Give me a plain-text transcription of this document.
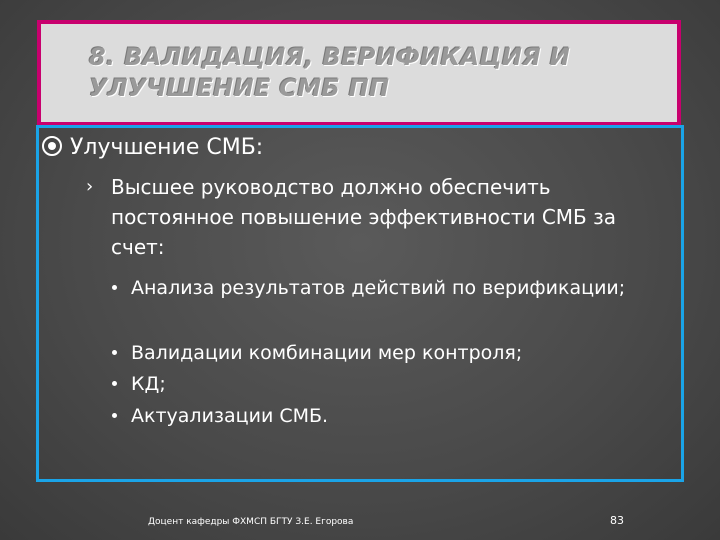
8. ВАЛИДАЦИЯ, ВЕРИФИКАЦИЯ И УЛУЧШЕНИЕ СМБ ПП
Улучшение СМБ:
› Высшее руководство должно обеспечить постоянное повышение эффективности СМБ за счет:
Анализа результатов действий по верификации;
Валидации комбинации мер контроля;
КД;
Актуализации СМБ.
Доцент кафедры ФХМСП БГТУ З.Е. Егорова	83
